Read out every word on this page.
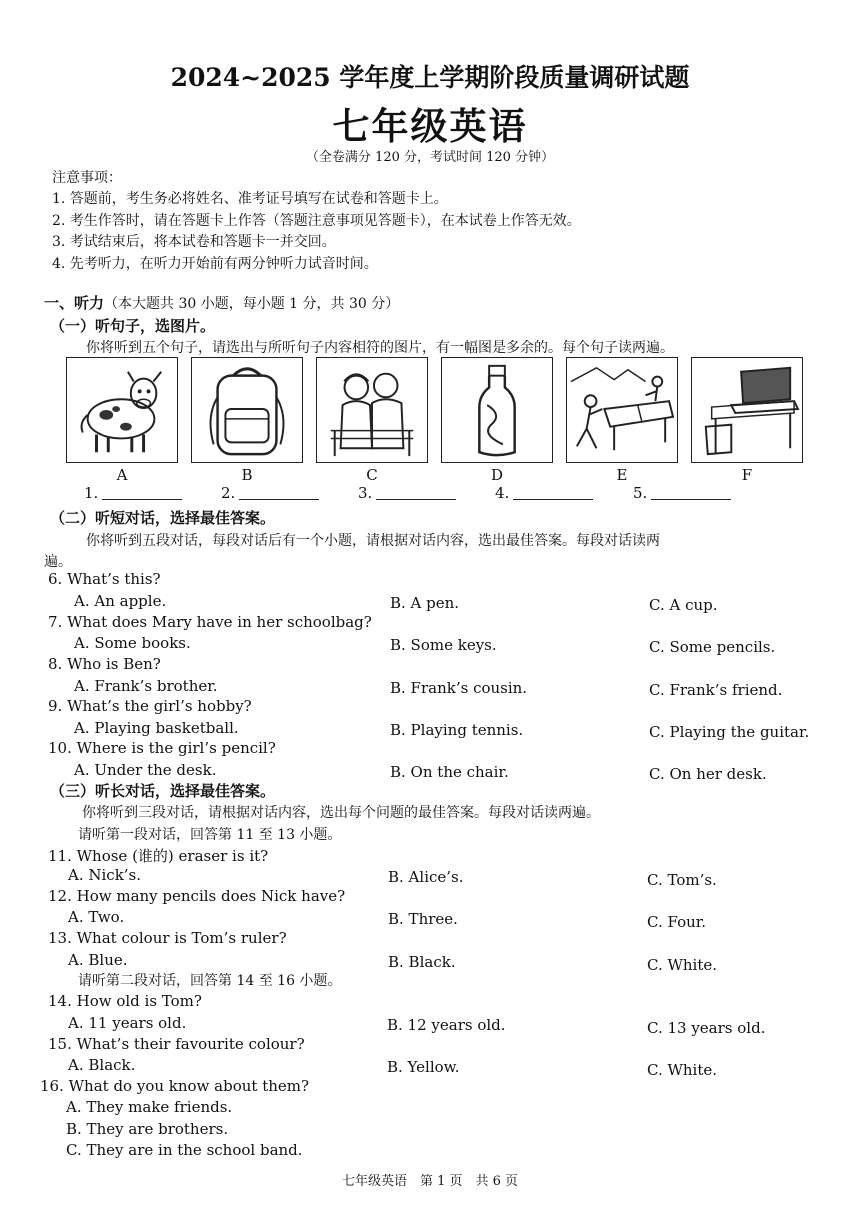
2024~2025 学年度上学期阶段质量调研试题
七年级英语
（全卷满分 120 分，考试时间 120 分钟）
注意事项：
1. 答题前，考生务必将姓名、准考证号填写在试卷和答题卡上。
2. 考生作答时，请在答题卡上作答（答题注意事项见答题卡），在本试卷上作答无效。
3. 考试结束后，将本试卷和答题卡一并交回。
4. 先考听力，在听力开始前有两分钟听力试音时间。
一、听力（本大题共 30 小题，每小题 1 分，共 30 分）
（一）听句子，选图片。
你将听到五个句子，请选出与所听句子内容相符的图片，有一幅图是多余的。每个句子读两遍。
A	B	C	D	E	F
1.	2.	3.	4.	5.
（二）听短对话，选择最佳答案。
你将听到五段对话，每段对话后有一个小题，请根据对话内容，选出最佳答案。每段对话读两
遍。
6. What’s this?
A. An apple.	B. A pen.	C. A cup.
7. What does Mary have in her schoolbag?
A. Some books.	B. Some keys.	C. Some pencils.
8. Who is Ben?
A. Frank’s brother.	B. Frank’s cousin.	C. Frank’s friend.
9. What’s the girl’s hobby?
A. Playing basketball.	B. Playing tennis.	C. Playing the guitar.
10. Where is the girl’s pencil?
A. Under the desk.	B. On the chair.	C. On her desk.
（三）听长对话，选择最佳答案。
你将听到三段对话，请根据对话内容，选出每个问题的最佳答案。每段对话读两遍。
请听第一段对话，回答第 11 至 13 小题。
11. Whose (谁的) eraser is it?
A. Nick’s.	B. Alice’s.	C. Tom’s.
12. How many pencils does Nick have?
A. Two.	B. Three.	C. Four.
13. What colour is Tom’s ruler?
A. Blue.	B. Black.	C. White.
请听第二段对话，回答第 14 至 16 小题。
14. How old is Tom?
A. 11 years old.	B. 12 years old.	C. 13 years old.
15. What’s their favourite colour?
A. Black.	B. Yellow.	C. White.
16. What do you know about them?
A. They make friends.
B. They are brothers.
C. They are in the school band.
七年级英语　第 1 页　共 6 页
